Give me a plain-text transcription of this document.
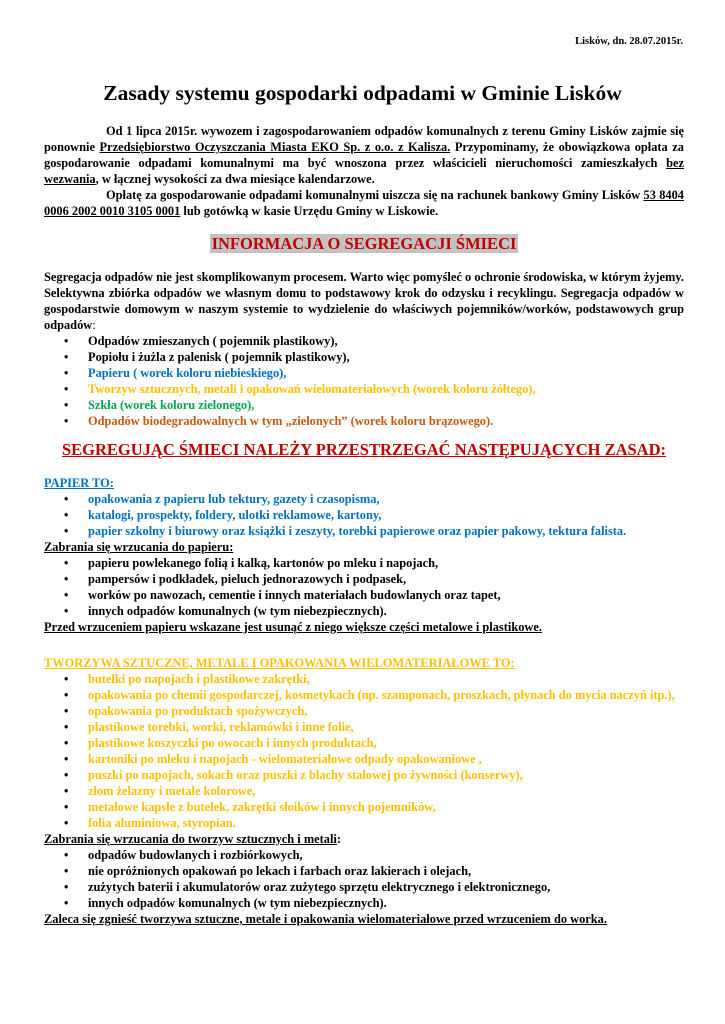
Lisków, dn. 28.07.2015r.
Zasady systemu gospodarki odpadami w Gminie Lisków

Od 1 lipca 2015r. wywozem i zagospodarowaniem odpadów komunalnych z terenu Gminy Lisków zajmie się ponownie Przedsiębiorstwo Oczyszczania Miasta EKO Sp. z o.o. z Kalisza. Przypominamy, że obowiązkowa opłata za gospodarowanie odpadami komunalnymi ma być wnoszona przez właścicieli nieruchomości zamieszkałych bez wezwania, w łącznej wysokości za dwa miesiące kalendarzowe.

Opłatę za gospodarowanie odpadami komunalnymi uiszcza się na rachunek bankowy Gminy Lisków 53 8404 0006 2002 0010 3105 0001 lub gotówką w kasie Urzędu Gminy w Liskowie.

INFORMACJA O SEGREGACJI ŚMIECI

Segregacja odpadów nie jest skomplikowanym procesem. Warto więc pomyśleć o ochronie środowiska, w którym żyjemy. Selektywna zbiórka odpadów we własnym domu to podstawowy krok do odzysku i recyklingu. Segregacja odpadów w gospodarstwie domowym w naszym systemie to wydzielenie do właściwych pojemników/worków, podstawowych grup odpadów:

• Odpadów zmieszanych ( pojemnik plastikowy),
• Popiołu i żużla z palenisk ( pojemnik plastikowy),
• Papieru ( worek koloru niebieskiego),
• Tworzyw sztucznych, metali i opakowań wielomateriałowych (worek koloru żółtego),
• Szkła (worek koloru zielonego),
• Odpadów biodegradowalnych w tym „zielonych” (worek koloru brązowego).
SEGREGUJĄC ŚMIECI NALEŻY PRZESTRZEGAĆ NASTĘPUJĄCYCH ZASAD:

PAPIER TO:

• opakowania z papieru lub tektury, gazety i czasopisma,
• katalogi, prospekty, foldery, ulotki reklamowe, kartony,
• papier szkolny i biurowy oraz książki i zeszyty, torebki papierowe oraz papier pakowy, tektura falista.

Zabrania się wrzucania do papieru:

• papieru powlekanego folią i kalką, kartonów po mleku i napojach,
• pampersów i podkładek, pieluch jednorazowych i podpasek,
• worków po nawozach, cementie i innych materiałach budowlanych oraz tapet,
• innych odpadów komunalnych (w tym niebezpiecznych).

Przed wrzuceniem papieru wskazane jest usunąć z niego większe części metalowe i plastikowe.

TWORZYWA SZTUCZNE, METALE I OPAKOWANIA WIELOMATERIAŁOWE TO:

• butelki po napojach i plastikowe zakrętki,
• opakowania po chemii gospodarczej, kosmetykach (np. szamponach, proszkach, płynach do mycia naczyń itp.),
• opakowania po produktach spożywczych,
• plastikowe torebki, worki, reklamówki i inne folie,
• plastikowe koszyczki po owocach i innych produktach,
• kartoniki po mleku i napojach - wielomateriałowe odpady opakowaniowe ,
• puszki po napojach, sokach oraz puszki z blachy stalowej po żywności (konserwy),
• złom żelazny i metale kolorowe,
• metalowe kapsle z butelek, zakrętki słoików i innych pojemników,
• folia aluminiowa, styropian.

Zabrania się wrzucania do tworzyw sztucznych i metali:

• odpadów budowlanych i rozbiórkowych,
• nie opróżnionych opakowań po lekach i farbach oraz lakierach i olejach,
• zużytych baterii i akumulatorów oraz zużytego sprzętu elektrycznego i elektronicznego,
• innych odpadów komunalnych (w tym niebezpiecznych).

Zaleca się zgnieść tworzywa sztuczne, metale i opakowania wielomateriałowe przed wrzuceniem do worka.
